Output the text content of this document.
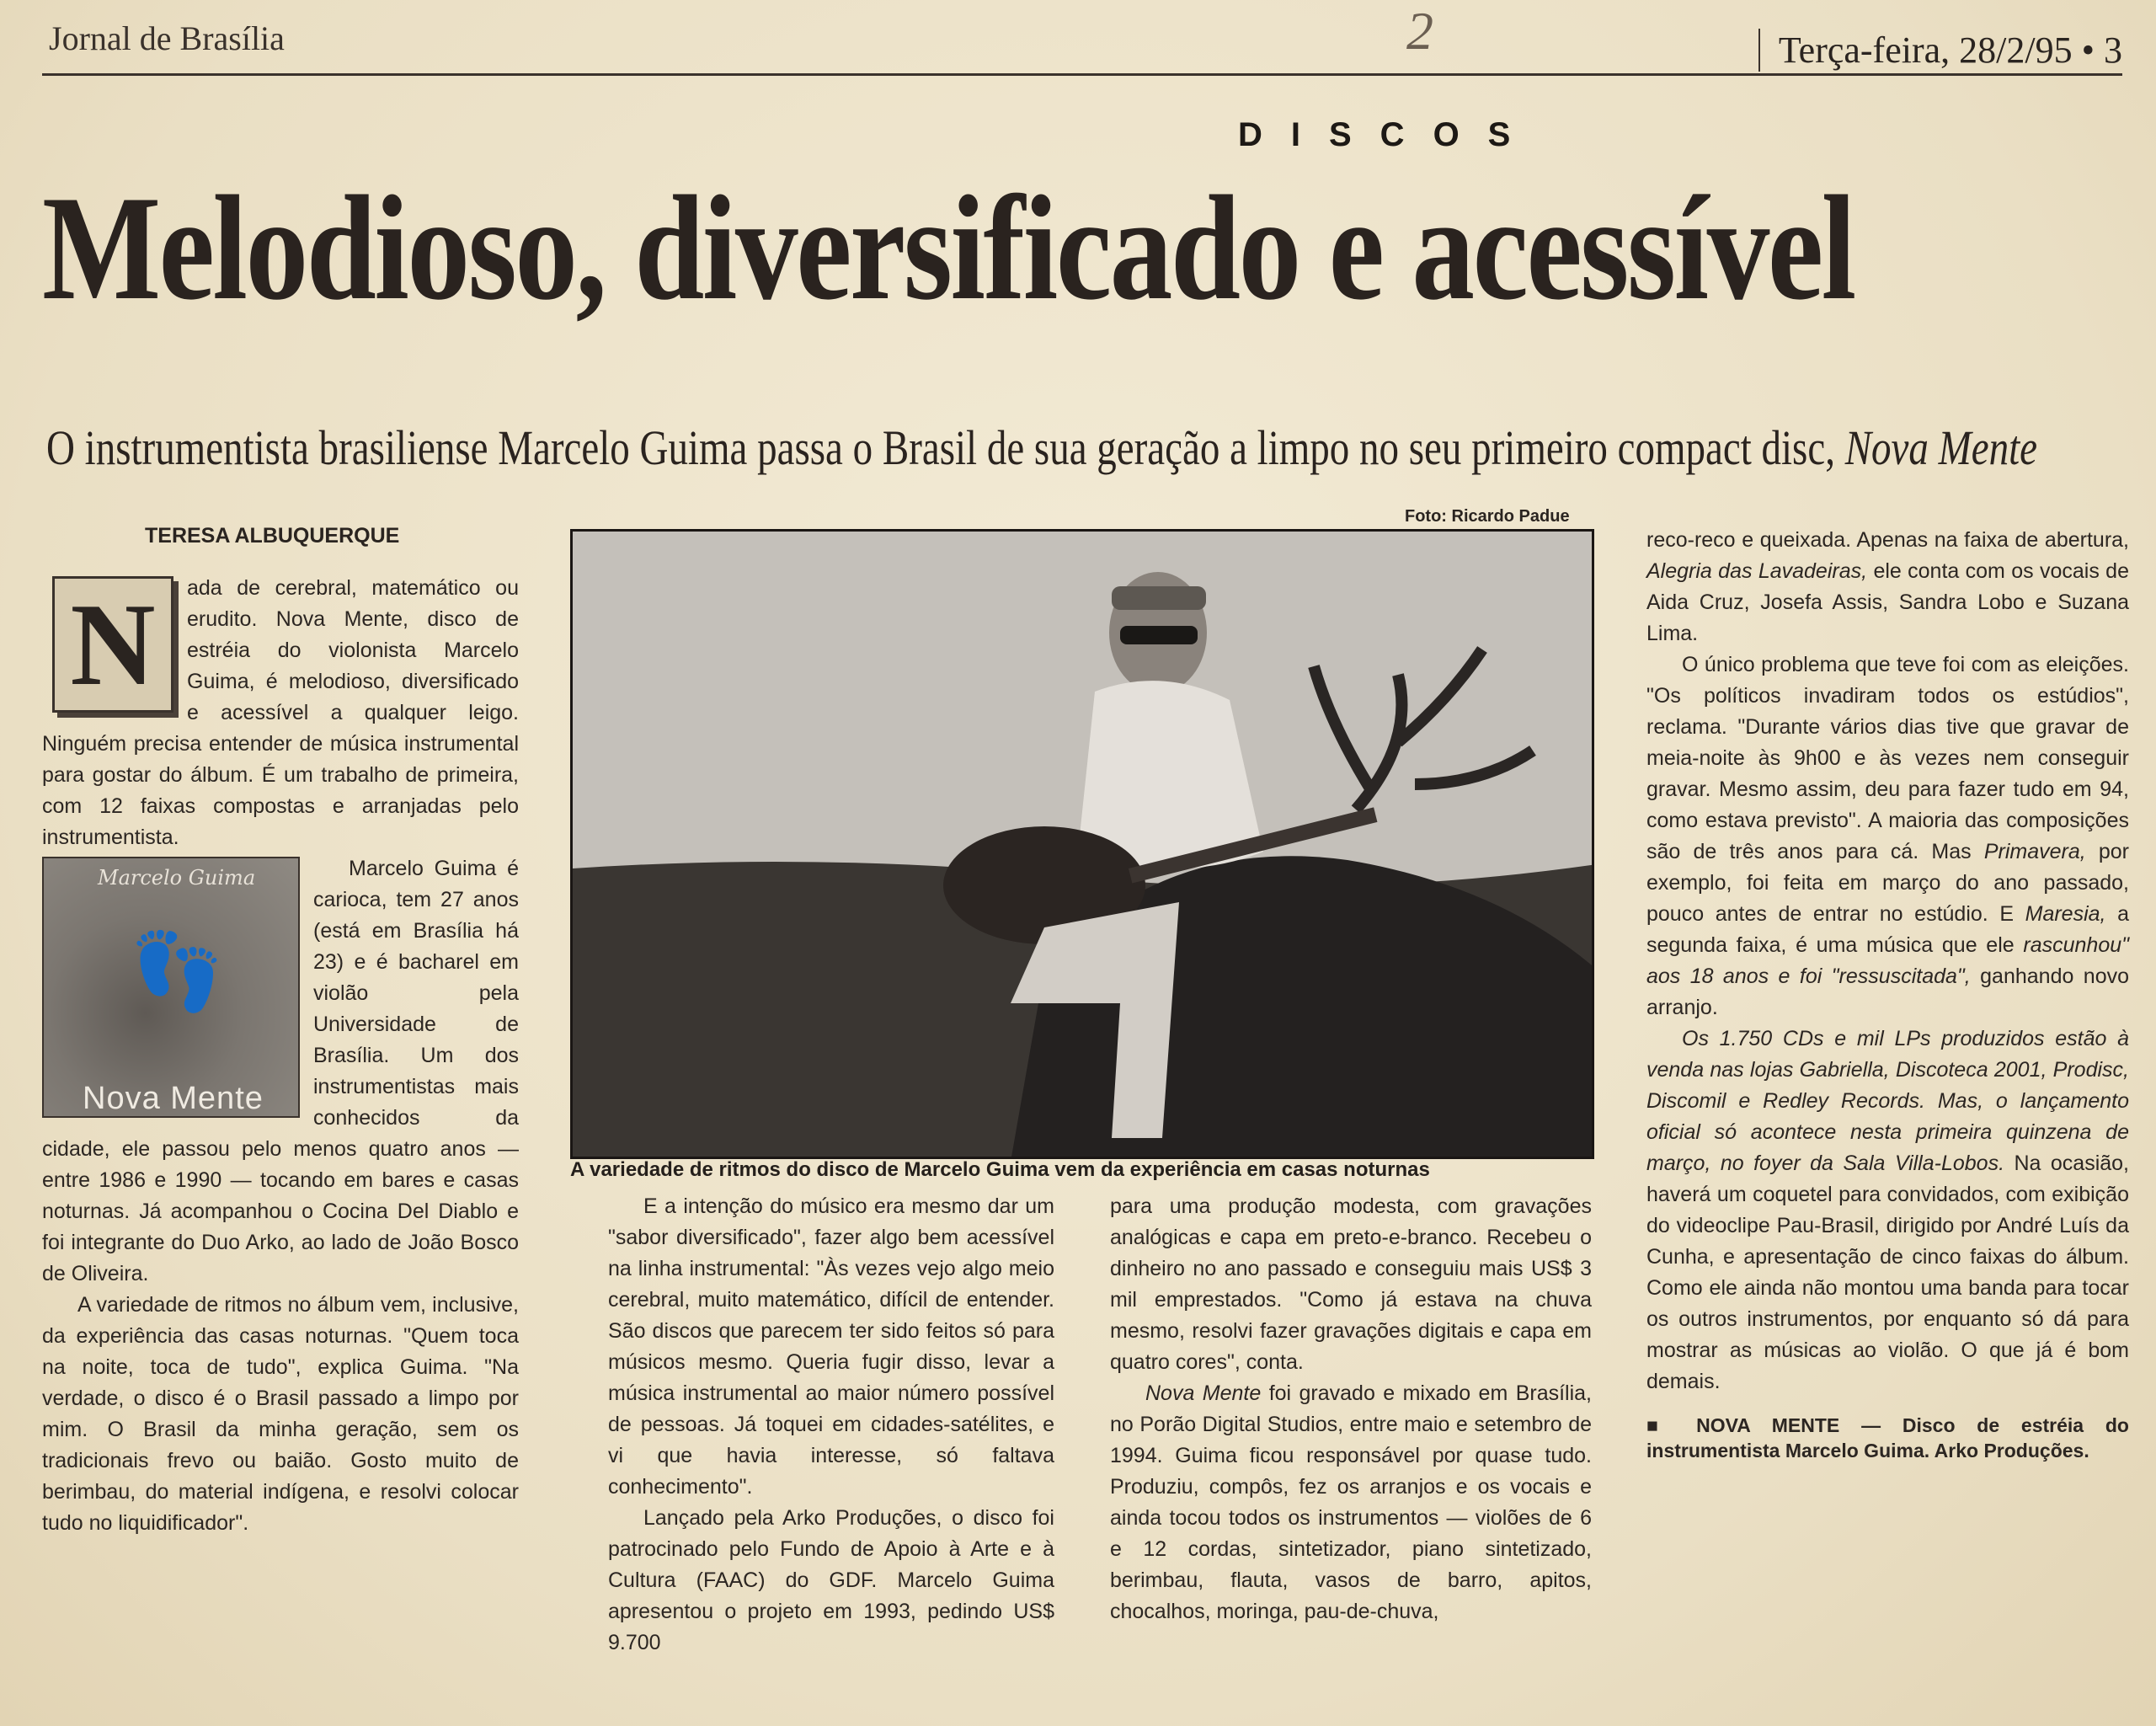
Jornal de Brasília	2	Terça-feira, 28/2/95 • 3
DISCOS
Melodioso, diversificado e acessível
O instrumentista brasiliense Marcelo Guima passa o Brasil de sua geração a limpo no seu primeiro compact disc, Nova Mente
TERESA ALBUQUERQUE
Foto: Ricardo Padue
A variedade de ritmos do disco de Marcelo Guima vem da experiência em casas noturnas
N	ada de cerebral, matemático ou erudito. Nova Mente, disco de estréia do violonista Marcelo Guima, é melodioso, diversificado e acessível a qualquer leigo. Ninguém precisa entender de música instrumental para gostar do álbum. É um trabalho de primeira, com 12 faixas compostas e arranjadas pelo instrumentista.

Marcelo Guima
👣
Nova Mente
Marcelo Guima é carioca, tem 27 anos (está em Brasília há 23) e é bacharel em violão pela Universidade de Brasília. Um dos instrumentistas mais conhecidos da cidade, ele passou pelo menos quatro anos — entre 1986 e 1990 — tocando em bares e casas noturnas. Já acompanhou o Cocina Del Diablo e foi integrante do Duo Arko, ao lado de João Bosco de Oliveira.

A variedade de ritmos no álbum vem, inclusive, da experiência das casas noturnas. "Quem toca na noite, toca de tudo", explica Guima. "Na verdade, o disco é o Brasil passado a limpo por mim. O Brasil da minha geração, sem os tradicionais frevo ou baião. Gosto muito de berimbau, do material indígena, e resolvi colocar tudo no liquidificador".

E a intenção do músico era mesmo dar um "sabor diversificado", fazer algo bem acessível na linha instrumental: "Às vezes vejo algo meio cerebral, muito matemático, difícil de entender. São discos que parecem ter sido feitos só para músicos mesmo. Queria fugir disso, levar a música instrumental ao maior número possível de pessoas. Já toquei em cidades-satélites, e vi que havia interesse, só faltava conhecimento".

Lançado pela Arko Produções, o disco foi patrocinado pelo Fundo de Apoio à Arte e à Cultura (FAAC) do GDF. Marcelo Guima apresentou o projeto em 1993, pedindo US$ 9.700

para uma produção modesta, com gravações analógicas e capa em preto-e-branco. Recebeu o dinheiro no ano passado e conseguiu mais US$ 3 mil emprestados. "Como já estava na chuva mesmo, resolvi fazer gravações digitais e capa em quatro cores", conta.

Nova Mente foi gravado e mixado em Brasília, no Porão Digital Studios, entre maio e setembro de 1994. Guima ficou responsável por quase tudo. Produziu, compôs, fez os arranjos e os vocais e ainda tocou todos os instrumentos — violões de 6 e 12 cordas, sintetizador, piano sintetizado, berimbau, flauta, vasos de barro, apitos, chocalhos, moringa, pau-de-chuva,

reco-reco e queixada. Apenas na faixa de abertura, Alegria das Lavadeiras, ele conta com os vocais de Aida Cruz, Josefa Assis, Sandra Lobo e Suzana Lima.

O único problema que teve foi com as eleições. "Os políticos invadiram todos os estúdios", reclama. "Durante vários dias tive que gravar de meia-noite às 9h00 e às vezes nem conseguir gravar. Mesmo assim, deu para fazer tudo em 94, como estava previsto". A maioria das composições são de três anos para cá. Mas Primavera, por exemplo, foi feita em março do ano passado, pouco antes de entrar no estúdio. E Maresia, a segunda faixa, é uma música que ele rascunhou" aos 18 anos e foi "ressuscitada", ganhando novo arranjo.

Os 1.750 CDs e mil LPs produzidos estão à venda nas lojas Gabriella, Discoteca 2001, Prodisc, Discomil e Redley Records. Mas, o lançamento oficial só acontece nesta primeira quinzena de março, no foyer da Sala Villa-Lobos. Na ocasião, haverá um coquetel para convidados, com exibição do videoclipe Pau-Brasil, dirigido por André Luís da Cunha, e apresentação de cinco faixas do álbum. Como ele ainda não montou uma banda para tocar os outros instrumentos, por enquanto só dá para mostrar as músicas ao violão. O que já é bom demais.

■ NOVA MENTE — Disco de estréia do instrumentista Marcelo Guima. Arko Produções.
